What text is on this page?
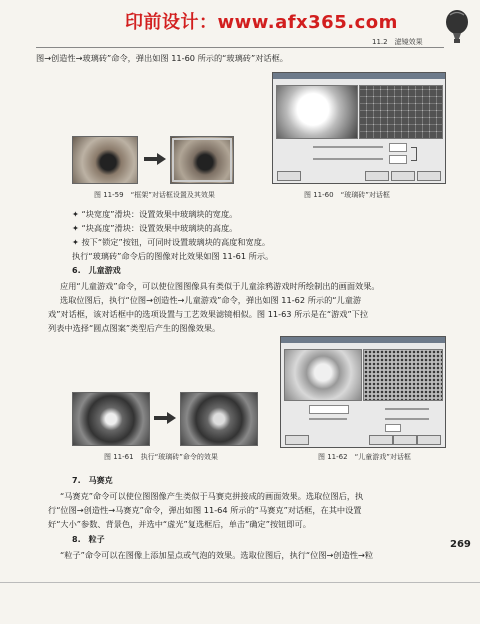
印前设计：www.afx365.com
11.2　滤镜效果
图→创造性→玻璃砖”命令，弹出如图 11-60 所示的“玻璃砖”对话框。
图 11-59　“框架”对话框设置及其效果	图 11-60　“玻璃砖”对话框
✦ “块宽度”滑块：设置效果中玻璃块的宽度。
✦ “块高度”滑块：设置效果中玻璃块的高度。
✦ 按下“锁定”按钮，可同时设置玻璃块的高度和宽度。
执行“玻璃砖”命令后的图像对比效果如图 11-61 所示。
6.　儿童游戏
应用“儿童游戏”命令，可以使位图图像具有类似于儿童涂鸦游戏时所绘制出的画面效果。
选取位图后，执行“位图→创造性→儿童游戏”命令，弹出如图 11-62 所示的“儿童游
戏”对话框，该对话框中的选项设置与工艺效果滤镜相似。图 11-63 所示是在“游戏”下拉
列表中选择“圆点图案”类型后产生的图像效果。
图 11-61　执行“玻璃砖”命令的效果	图 11-62　“儿童游戏”对话框
7.　马赛克
“马赛克”命令可以使位图图像产生类似于马赛克拼接成的画面效果。选取位图后，执
行“位图→创造性→马赛克”命令，弹出如图 11-64 所示的“马赛克”对话框，在其中设置
好“大小”参数、背景色，并选中“虚光”复选框后，单击“确定”按钮即可。
8.　粒子
“粒子”命令可以在图像上添加星点或气泡的效果。选取位图后，执行“位图→创造性→粒
269
